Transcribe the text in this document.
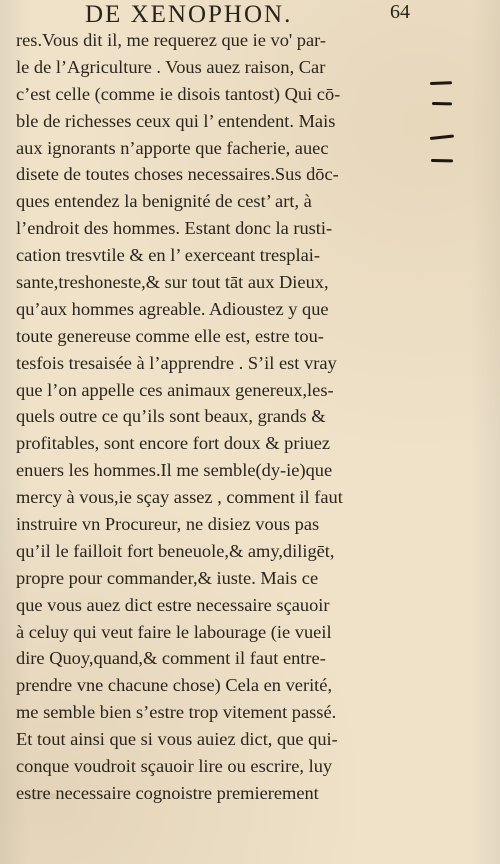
DE XENOPHON.	64
res.Vous dit il, me requerez que ie vo' par-
le de l’Agriculture . Vous auez raison, Car
c’est celle (comme ie disois tantost) Qui cō-
ble de richesses ceux qui l’ entendent. Mais
aux ignorants n’apporte que facherie, auec
disete de toutes choses necessaires.Sus dōc-
ques entendez la benignité de cest’ art, à
l’endroit des hommes. Estant donc la rusti-
cation tresvtile & en l’ exerceant tresplai-
sante,treshoneste,& sur tout tāt aux Dieux,
qu’aux hommes agreable. Adioustez y que
toute genereuse comme elle est, estre tou-
tesfois tresaisée à l’apprendre . S’il est vray
que l’on appelle ces animaux genereux,les-
quels outre ce qu’ils sont beaux, grands &
profitables, sont encore fort doux & priuez
enuers les hommes.Il me semble(dy-ie)que
mercy à vous,ie sçay assez , comment il faut
instruire vn Procureur, ne disiez vous pas
qu’il le failloit fort beneuole,& amy,diligēt,
propre pour commander,& iuste. Mais ce
que vous auez dict estre necessaire sçauoir
à celuy qui veut faire le labourage (ie vueil
dire Quoy,quand,& comment il faut entre-
prendre vne chacune chose) Cela en verité,
me semble bien s’estre trop vitement passé.
Et tout ainsi que si vous auiez dict, que qui-
conque voudroit sçauoir lire ou escrire, luy
estre necessaire cognoistre premierement
